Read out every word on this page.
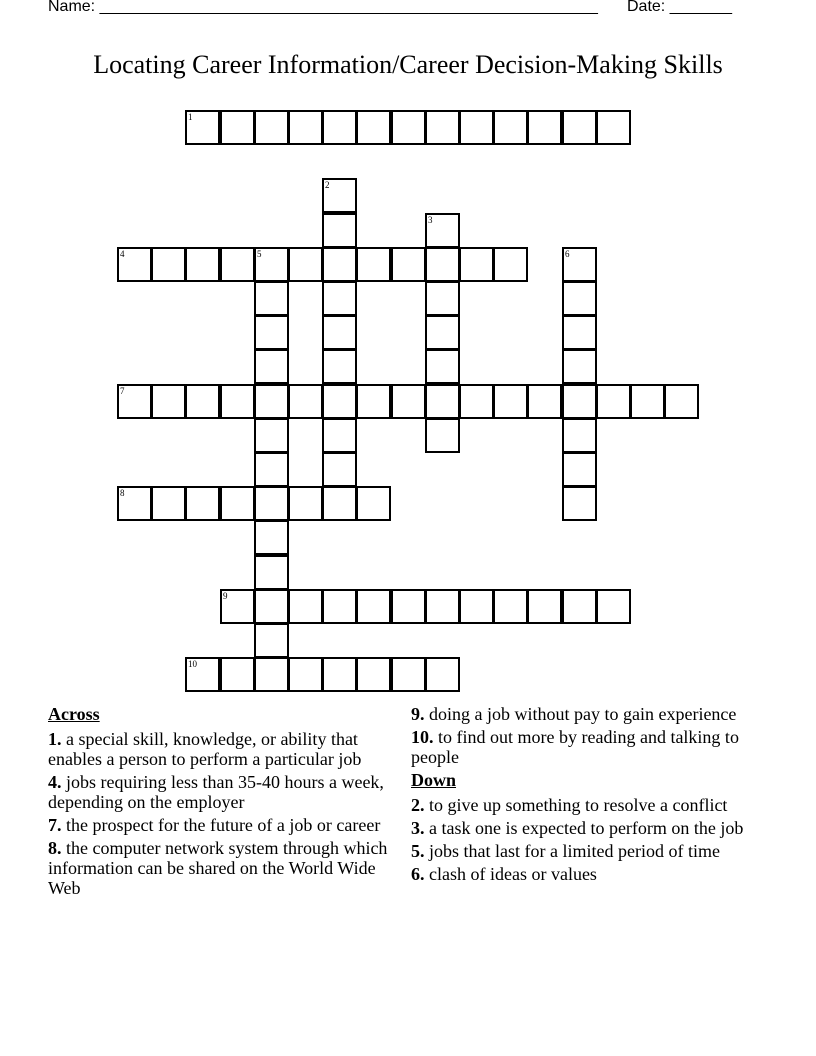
Name: ________________________________________________________ Date: _______
Locating Career Information/Career Decision-Making Skills
1
2
3
4	5	6
7
8
9
10
Across
1. a special skill, knowledge, or ability that enables a person to perform a particular job
4. jobs requiring less than 35-40 hours a week, depending on the employer
7. the prospect for the future of a job or career
8. the computer network system through which information can be shared on the World Wide Web
9. doing a job without pay to gain experience
10. to find out more by reading and talking to people
Down
2. to give up something to resolve a conflict
3. a task one is expected to perform on the job
5. jobs that last for a limited period of time
6. clash of ideas or values
